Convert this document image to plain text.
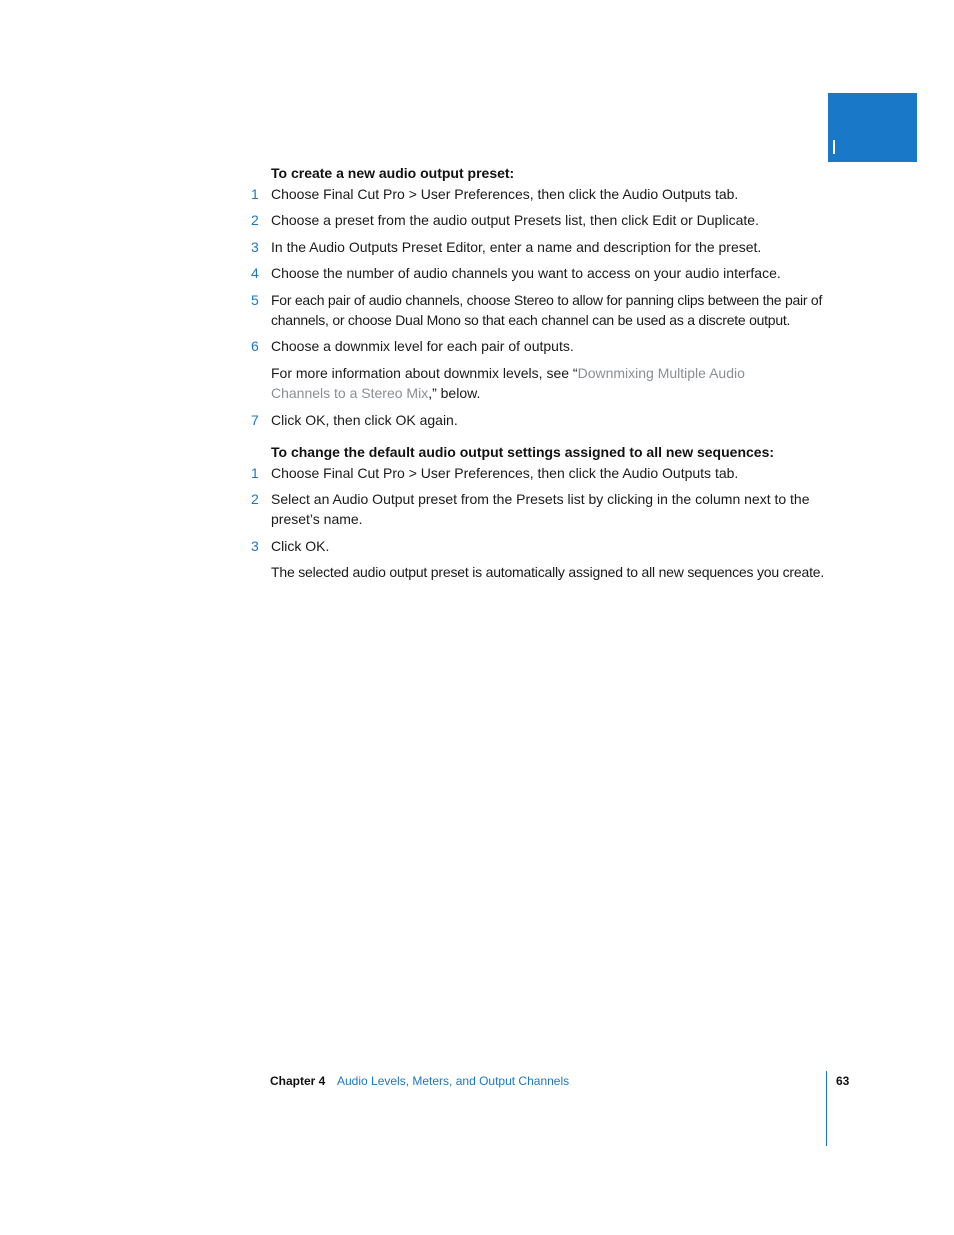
To create a new audio output preset:
1 Choose Final Cut Pro > User Preferences, then click the Audio Outputs tab.
2 Choose a preset from the audio output Presets list, then click Edit or Duplicate.
3 In the Audio Outputs Preset Editor, enter a name and description for the preset.
4 Choose the number of audio channels you want to access on your audio interface.
5 For each pair of audio channels, choose Stereo to allow for panning clips between the pair of channels, or choose Dual Mono so that each channel can be used as a discrete output.
6 Choose a downmix level for each pair of outputs.
For more information about downmix levels, see “Downmixing Multiple Audio Channels to a Stereo Mix,” below.
7 Click OK, then click OK again.
To change the default audio output settings assigned to all new sequences:
1 Choose Final Cut Pro > User Preferences, then click the Audio Outputs tab.
2 Select an Audio Output preset from the Presets list by clicking in the column next to the preset’s name.
3 Click OK.
The selected audio output preset is automatically assigned to all new sequences you create.
Chapter 4 Audio Levels, Meters, and Output Channels	63
